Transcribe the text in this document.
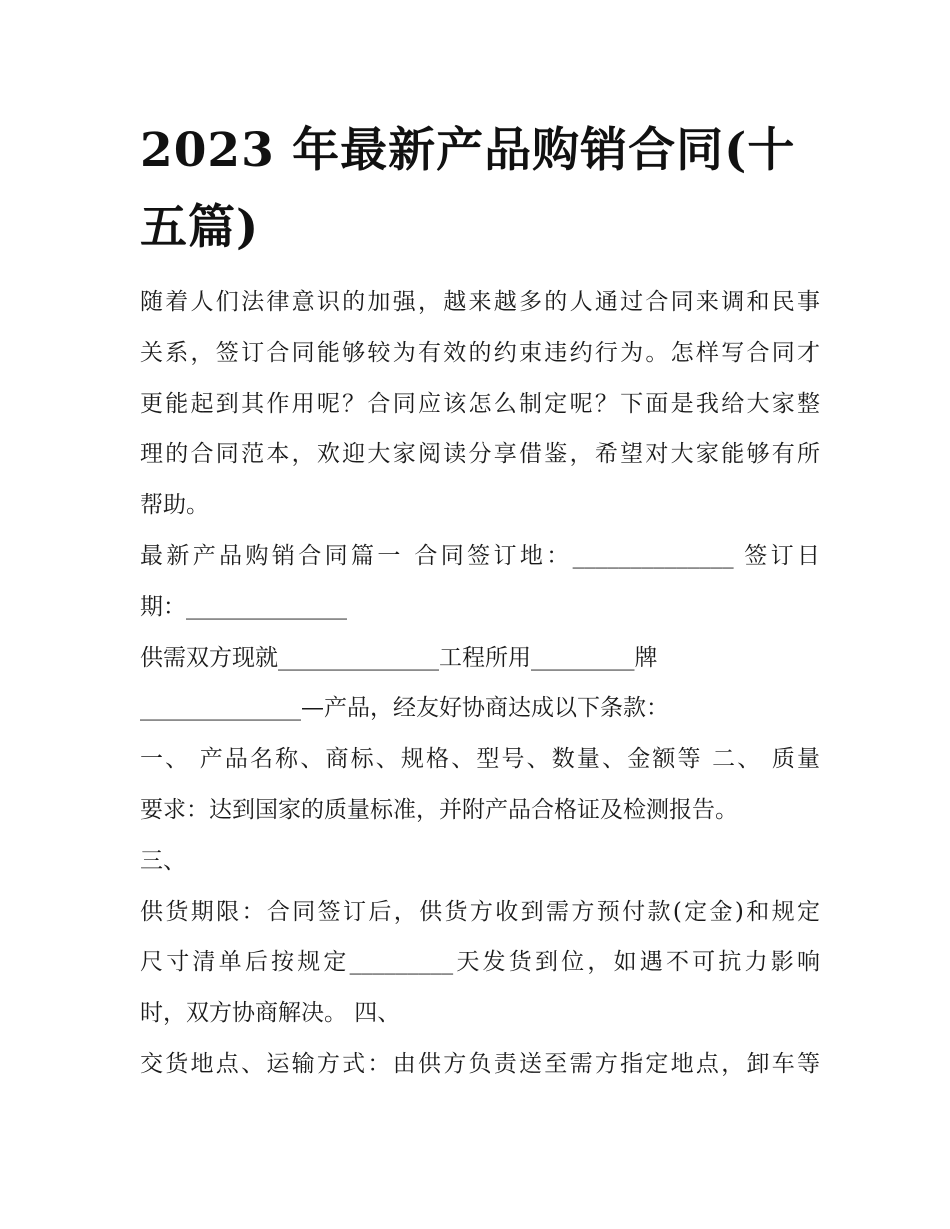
2023 年最新产品购销合同(十
五篇)
随着人们法律意识的加强，越来越多的人通过合同来调和民事
关系，签订合同能够较为有效的约束违约行为。怎样写合同才
更能起到其作用呢？合同应该怎么制定呢？下面是我给大家整
理的合同范本，欢迎大家阅读分享借鉴，希望对大家能够有所
帮助。
最新产品购销合同篇一 合同签订地：______________ 签订日
期：______________
供需双方现就______________工程所用_________牌
______________—产品，经友好协商达成以下条款：
一、 产品名称、商标、规格、型号、数量、金额等 二、 质量
要求：达到国家的质量标准，并附产品合格证及检测报告。
三、
供货期限：合同签订后，供货方收到需方预付款(定金)和规定
尺寸清单后按规定_________天发货到位，如遇不可抗力影响
时，双方协商解决。 四、
交货地点、运输方式：由供方负责送至需方指定地点，卸车等
